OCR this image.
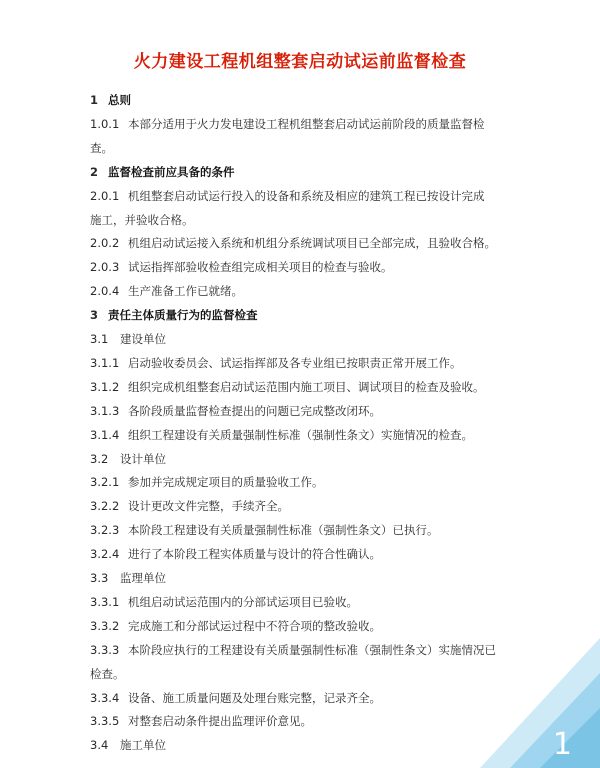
火力建设工程机组整套启动试运前监督检查
1 总则
1.0.1 本部分适用于火力发电建设工程机组整套启动试运前阶段的质量监督检
查。
2 监督检查前应具备的条件
2.0.1 机组整套启动试运行投入的设备和系统及相应的建筑工程已按设计完成
施工，并验收合格。
2.0.2 机组启动试运接入系统和机组分系统调试项目已全部完成，且验收合格。
2.0.3 试运指挥部验收检查组完成相关项目的检查与验收。
2.0.4 生产准备工作已就绪。
3 责任主体质量行为的监督检查
3.1 建设单位
3.1.1 启动验收委员会、试运指挥部及各专业组已按职责正常开展工作。
3.1.2 组织完成机组整套启动试运范围内施工项目、调试项目的检查及验收。
3.1.3 各阶段质量监督检查提出的问题已完成整改闭环。
3.1.4 组织工程建设有关质量强制性标准（强制性条文）实施情况的检查。
3.2 设计单位
3.2.1 参加并完成规定项目的质量验收工作。
3.2.2 设计更改文件完整，手续齐全。
3.2.3 本阶段工程建设有关质量强制性标准（强制性条文）已执行。
3.2.4 进行了本阶段工程实体质量与设计的符合性确认。
3.3 监理单位
3.3.1 机组启动试运范围内的分部试运项目已验收。
3.3.2 完成施工和分部试运过程中不符合项的整改验收。
3.3.3 本阶段应执行的工程建设有关质量强制性标准（强制性条文）实施情况已
检查。
3.3.4 设备、施工质量问题及处理台账完整，记录齐全。
3.3.5 对整套启动条件提出监理评价意见。
3.4 施工单位	1
